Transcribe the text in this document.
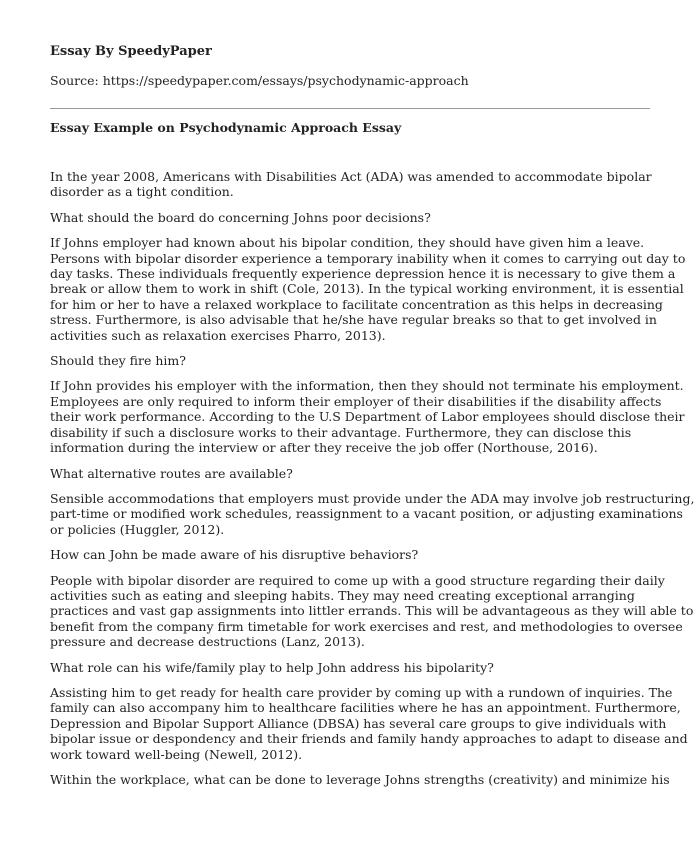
Essay By SpeedyPaper
Source: https://speedypaper.com/essays/psychodynamic-approach
Essay Example on Psychodynamic Approach Essay

In the year 2008, Americans with Disabilities Act (ADA) was amended to accommodate bipolar
disorder as a tight condition.

What should the board do concerning Johns poor decisions?

If Johns employer had known about his bipolar condition, they should have given him a leave.
Persons with bipolar disorder experience a temporary inability when it comes to carrying out day to
day tasks. These individuals frequently experience depression hence it is necessary to give them a
break or allow them to work in shift (Cole, 2013). In the typical working environment, it is essential
for him or her to have a relaxed workplace to facilitate concentration as this helps in decreasing
stress. Furthermore, is also advisable that he/she have regular breaks so that to get involved in
activities such as relaxation exercises Pharro, 2013).

Should they fire him?

If John provides his employer with the information, then they should not terminate his employment.
Employees are only required to inform their employer of their disabilities if the disability affects
their work performance. According to the U.S Department of Labor employees should disclose their
disability if such a disclosure works to their advantage. Furthermore, they can disclose this
information during the interview or after they receive the job offer (Northouse, 2016).

What alternative routes are available?

Sensible accommodations that employers must provide under the ADA may involve job restructuring,
part-time or modified work schedules, reassignment to a vacant position, or adjusting examinations
or policies (Huggler, 2012).

How can John be made aware of his disruptive behaviors?

People with bipolar disorder are required to come up with a good structure regarding their daily
activities such as eating and sleeping habits. They may need creating exceptional arranging
practices and vast gap assignments into littler errands. This will be advantageous as they will able to
benefit from the company firm timetable for work exercises and rest, and methodologies to oversee
pressure and decrease destructions (Lanz, 2013).

What role can his wife/family play to help John address his bipolarity?

Assisting him to get ready for health care provider by coming up with a rundown of inquiries. The
family can also accompany him to healthcare facilities where he has an appointment. Furthermore,
Depression and Bipolar Support Alliance (DBSA) has several care groups to give individuals with
bipolar issue or despondency and their friends and family handy approaches to adapt to disease and
work toward well-being (Newell, 2012).

Within the workplace, what can be done to leverage Johns strengths (creativity) and minimize his
